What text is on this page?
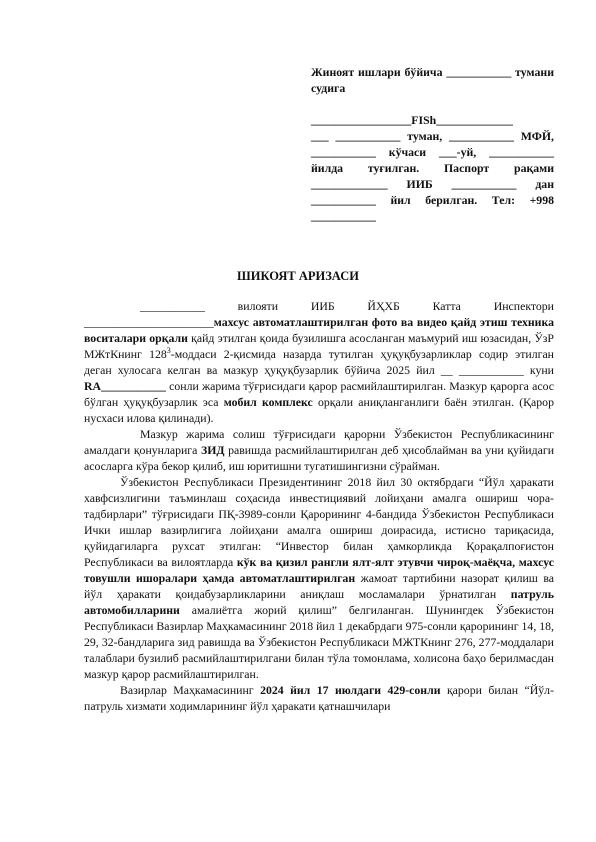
Жиноят ишлари бўйича ___________ тумани судига

_________________FISh_____________

___ ___________ туман, ___________ МФЙ, ___________ кўчаси ___-уй, ___________ йилда туғилган. Паспорт рақами _____________ ИИБ ___________ дан ___________ йил берилган. Тел: +998 ___________

ШИКОЯТ АРИЗАСИ

___________ вилояти ИИБ ЙҲХБ Катта Инспектори ______________________махсус автоматлаштирилган фото ва видео қайд этиш техника воситалари орқали қайд этилган қоида бузилишга асосланган маъмурий иш юзасидан, ЎзР МЖтКнинг $128^3$-моддаси 2-қисмида назарда тутилган ҳуқуқбузарликлар содир этилган деган хулосага келган ва мазкур ҳуқуқбузарлик бўйича 2025 йил __ ___________ куни RA___________ сонли жарима тўғрисидаги қарор расмийлаштирилган. Мазкур қарорга асос бўлган ҳуқуқбузарлик эса мобил комплекс орқали аниқланганлиги баён этилган. (Қарор нусхаси илова қилинади).

Мазкур жарима солиш тўғрисидаги қарорни Ўзбекистон Республикасининг амалдаги қонунларига ЗИД равишда расмийлаштирилган деб ҳисоблайман ва уни қуйидаги асосларга кўра бекор қилиб, иш юритишни тугатишингизни сўрайман.

Ўзбекистон Республикаси Президентининг 2018 йил 30 октябрдаги “Йўл ҳаракати хавфсизлигини таъминлаш соҳасида инвестициявий лойиҳани амалга ошириш чора-тадбирлари” тўғрисидаги ПҚ-3989-сонли Қарорининг 4-бандида Ўзбекистон Республикаси Ички ишлар вазирлигига лойиҳани амалга ошириш доирасида, истисно тариқасида, қуйидагиларга рухсат этилган: “Инвестор билан ҳамкорликда Қорақалпоғистон Республикаси ва вилоятларда кўк ва қизил рангли ялт-ялт этувчи чироқ-маёқча, махсус товушли ишоралари ҳамда автоматлаштирилган жамоат тартибини назорат қилиш ва йўл ҳаракати қоидабузарликларини аниқлаш мосламалари ўрнатилган патруль автомобилларини амалиётга жорий қилиш” белгиланган. Шунингдек Ўзбекистон Республикаси Вазирлар Маҳкамасининг 2018 йил 1 декабрдаги 975-сонли қарорининг 14, 18, 29, 32-бандларига зид равишда ва Ўзбекистон Республикаси МЖТКнинг 276, 277-моддалари талаблари бузилиб расмийлаштирилгани билан тўла томонлама, холисона баҳо берилмасдан мазкур қарор расмийлаштирилган.

Вазирлар Маҳкамасининг 2024 йил 17 июлдаги 429-сонли қарори билан “Йўл-патруль хизмати ходимларининг йўл ҳаракати қатнашчилари
